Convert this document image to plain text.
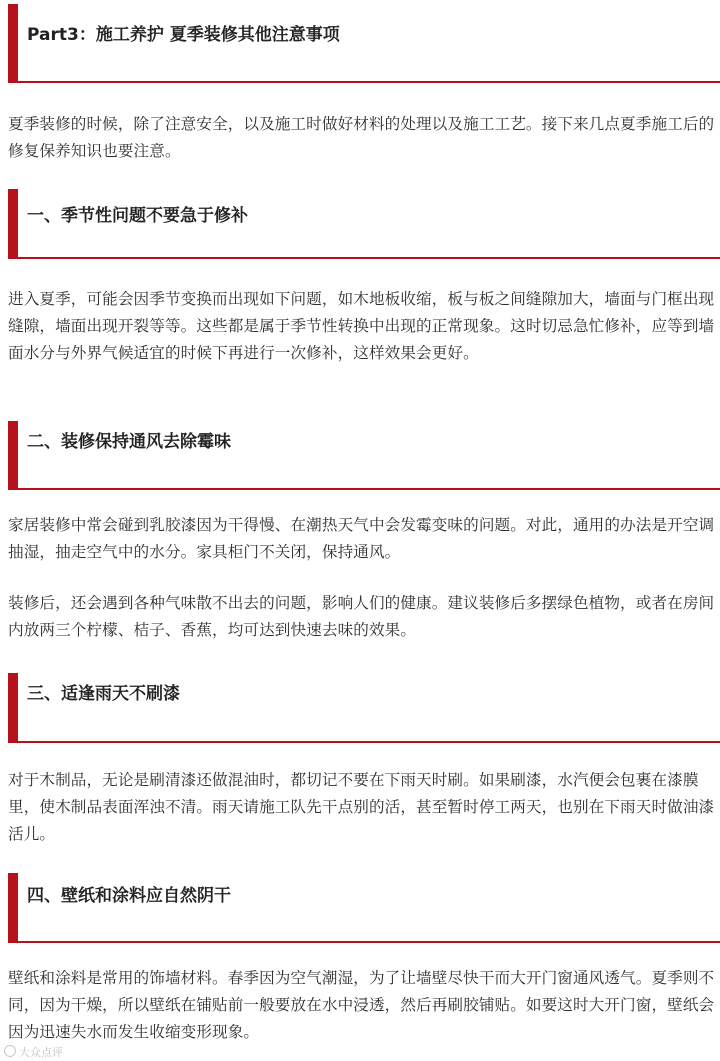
Part3：施工养护 夏季装修其他注意事项

夏季装修的时候，除了注意安全，以及施工时做好材料的处理以及施工工艺。接下来几点夏季施工后的修复保养知识也要注意。

一、季节性问题不要急于修补

进入夏季，可能会因季节变换而出现如下问题，如木地板收缩，板与板之间缝隙加大，墙面与门框出现缝隙，墙面出现开裂等等。这些都是属于季节性转换中出现的正常现象。这时切忌急忙修补，应等到墙面水分与外界气候适宜的时候下再进行一次修补，这样效果会更好。

二、装修保持通风去除霉味

家居装修中常会碰到乳胶漆因为干得慢、在潮热天气中会发霉变味的问题。对此，通用的办法是开空调抽湿，抽走空气中的水分。家具柜门不关闭，保持通风。

装修后，还会遇到各种气味散不出去的问题，影响人们的健康。建议装修后多摆绿色植物，或者在房间内放两三个柠檬、桔子、香蕉，均可达到快速去味的效果。

三、适逢雨天不刷漆

对于木制品，无论是刷清漆还做混油时，都切记不要在下雨天时刷。如果刷漆，水汽便会包裹在漆膜里，使木制品表面浑浊不清。雨天请施工队先干点别的活，甚至暂时停工两天，也别在下雨天时做油漆活儿。

四、壁纸和涂料应自然阴干

壁纸和涂料是常用的饰墙材料。春季因为空气潮湿，为了让墙壁尽快干而大开门窗通风透气。夏季则不同，因为干燥，所以壁纸在铺贴前一般要放在水中浸透，然后再刷胶铺贴。如要这时大开门窗，壁纸会因为迅速失水而发生收缩变形现象。

大众点评
